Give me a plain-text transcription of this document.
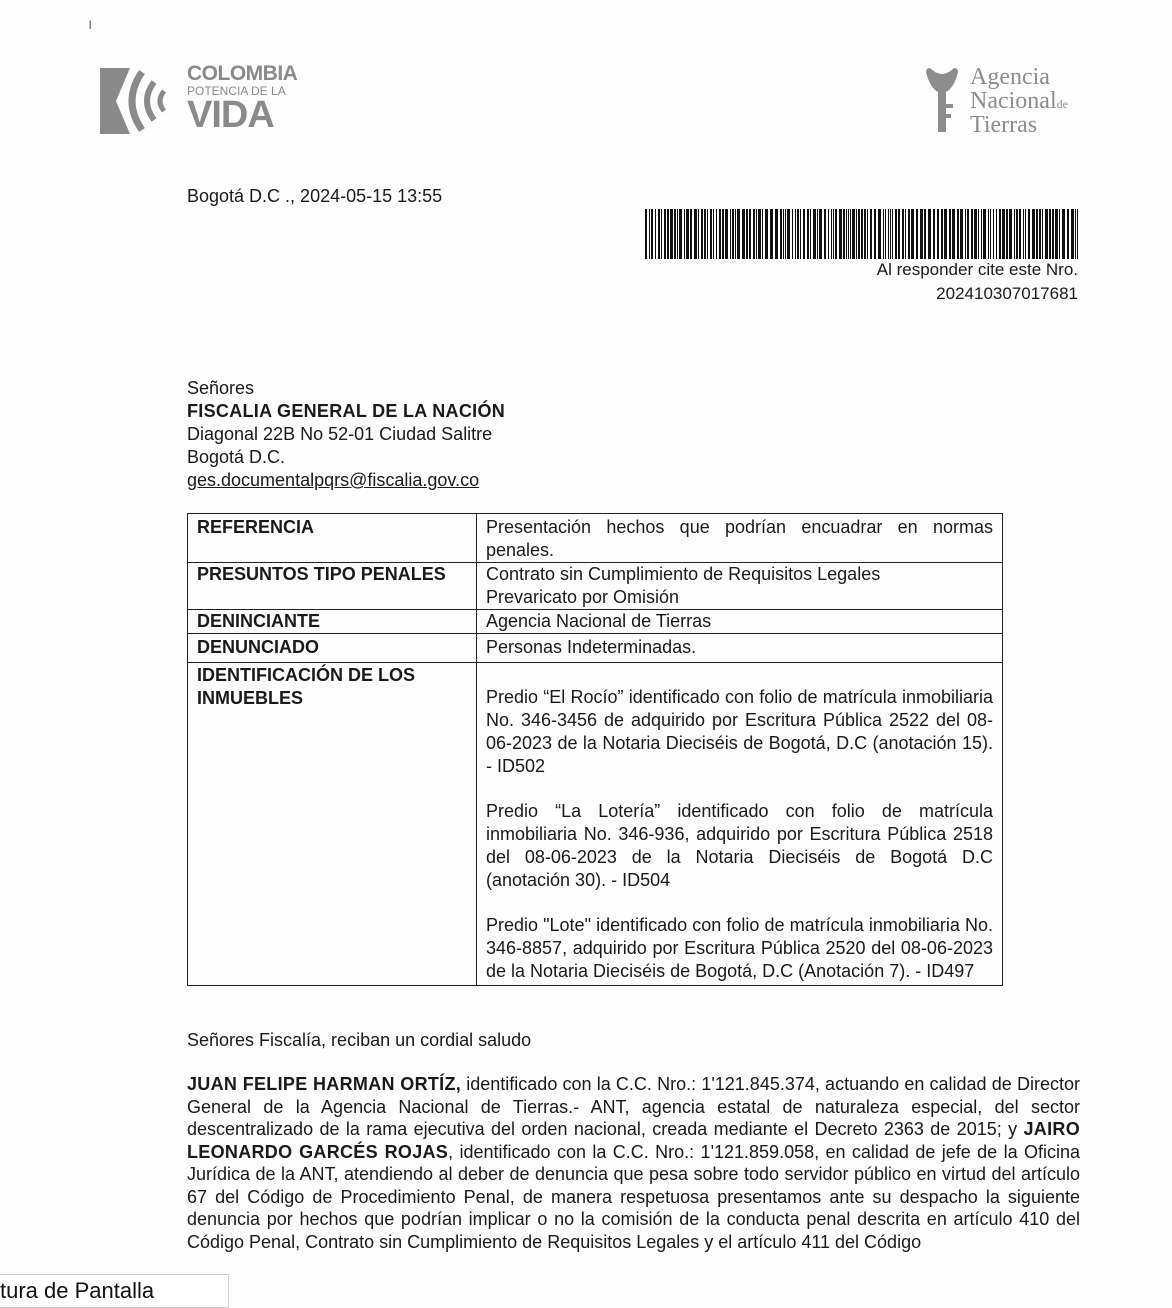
ı
COLOMBIA
POTENCIA DE LA
VIDA
Agencia
Nacionalde
Tierras
Bogotá D.C ., 2024-05-15 13:55
Al responder cite este Nro.
20241030701768​1
Señores
FISCALIA GENERAL DE LA NACIÓN
Diagonal 22B No 52-01 Ciudad Salitre
Bogotá D.C.
ges.documentalpqrs@fiscalia.gov.co
REFERENCIA	Presentación hechos que podrían encuadrar en normas penales.
PRESUNTOS TIPO PENALES	Contrato sin Cumplimiento de Requisitos Legales
Prevaricato por Omisión

DENINCIANTE	Agencia Nacional de Tierras
DENUNCIADO	Personas Indeterminadas.
IDENTIFICACIÓN DE LOS INMUEBLES	Predio “El Rocío” identificado con folio de matrícula inmobiliaria No. 346-3456 de adquirido por Escritura Pública 2522 del 08-06-2023 de la Notaria Dieciséis de Bogotá, D.C (anotación 15). - ID502

Predio “La Lotería” identificado con folio de matrícula inmobiliaria No. 346-936, adquirido por Escritura Pública 2518 del 08-06-2023 de la Notaria Dieciséis de Bogotá D.C (anotación 30). - ID504

Predio "Lote" identificado con folio de matrícula inmobiliaria No. 346-8857, adquirido por Escritura Pública 2520 del 08-06-2023 de la Notaria Dieciséis de Bogotá, D.C (Anotación 7). - ID497

Señores Fiscalía, reciban un cordial saludo
JUAN FELIPE HARMAN ORTÍZ, identificado con la C.C. Nro.: 1'121.845.374, actuando en calidad de Director General de la Agencia Nacional de Tierras.- ANT, agencia estatal de naturaleza especial, del sector descentralizado de la rama ejecutiva del orden nacional, creada mediante el Decreto 2363 de 2015; y JAIRO LEONARDO GARCÉS ROJAS, identificado con la C.C. Nro.: 1'121.859.058, en calidad de jefe de la Oficina Jurídica de la ANT, atendiendo al deber de denuncia que pesa sobre todo servidor público en virtud del artículo 67 del Código de Procedimiento Penal, de manera respetuosa presentamos ante su despacho la siguiente denuncia por hechos que podrían implicar o no la comisión de la conducta penal descrita en artículo 410 del Código Penal, Contrato sin Cumplimiento de Requisitos Legales y el artículo 411 del Código
tura de Pantalla
